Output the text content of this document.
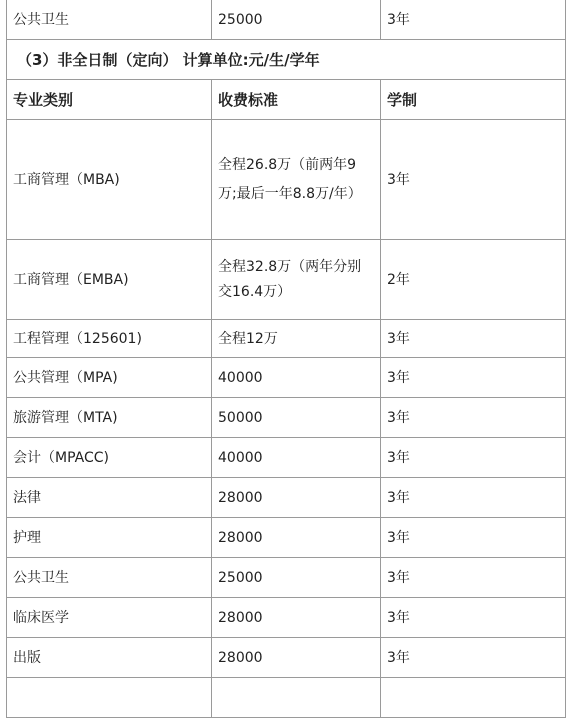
公共卫生	25000	3年
（3）非全日制（定向） 计算单位:元/生/学年		
专业类别	收费标准	学制
工商管理（MBA)	全程26.8万（前两年9万;最后一年8.8万/年）	3年
工商管理（EMBA)	全程32.8万（两年分别交16.4万）	2年
工程管理（125601)	全程12万	3年
公共管理（MPA)	40000	3年
旅游管理（MTA)	50000	3年
会计（MPACC)	40000	3年
法律	28000	3年
护理	28000	3年
公共卫生	25000	3年
临床医学	28000	3年
出版	28000	3年
